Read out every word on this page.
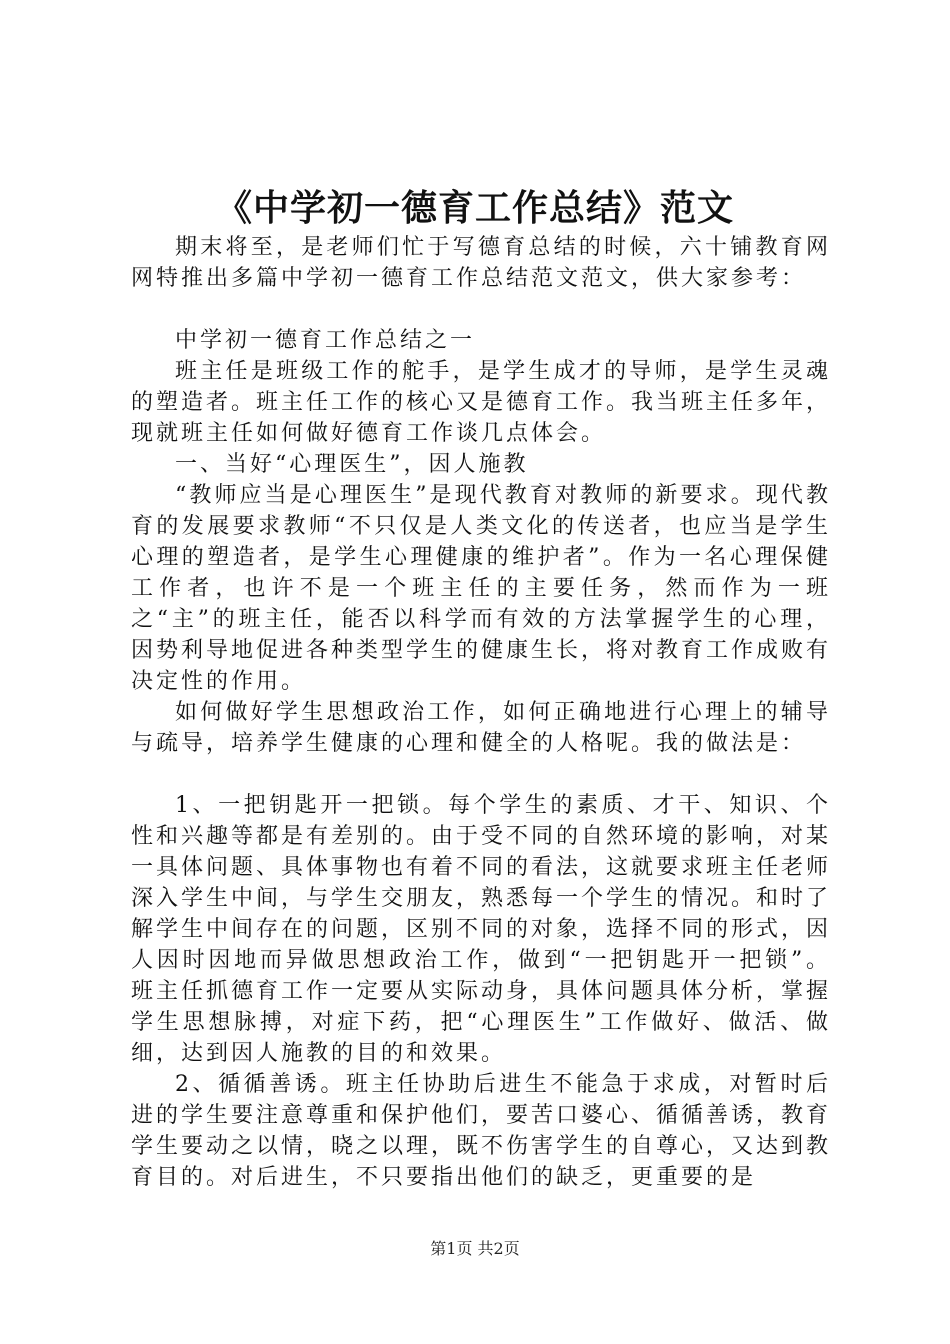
《中学初一德育工作总结》范文

期末将至，是老师们忙于写德育总结的时候，六十铺教育网网特推出多篇中学初一德育工作总结范文范文，供大家参考：

中学初一德育工作总结之一

班主任是班级工作的舵手，是学生成才的导师，是学生灵魂的塑造者。班主任工作的核心又是德育工作。我当班主任多年，现就班主任如何做好德育工作谈几点体会。

一、当好“心理医生”，因人施教

“教师应当是心理医生”是现代教育对教师的新要求。现代教育的发展要求教师“不只仅是人类文化的传送者，也应当是学生心理的塑造者，是学生心理健康的维护者”。作为一名心理保健工作者，也许不是一个班主任的主要任务，然而作为一班之“主”的班主任，能否以科学而有效的方法掌握学生的心理，因势利导地促进各种类型学生的健康生长，将对教育工作成败有决定性的作用。

如何做好学生思想政治工作，如何正确地进行心理上的辅导与疏导，培养学生健康的心理和健全的人格呢。我的做法是：

1、一把钥匙开一把锁。每个学生的素质、才干、知识、个性和兴趣等都是有差别的。由于受不同的自然环境的影响，对某一具体问题、具体事物也有着不同的看法，这就要求班主任老师深入学生中间，与学生交朋友，熟悉每一个学生的情况。和时了解学生中间存在的问题，区别不同的对象，选择不同的形式，因人因时因地而异做思想政治工作，做到“一把钥匙开一把锁”。班主任抓德育工作一定要从实际动身，具体问题具体分析，掌握学生思想脉搏，对症下药，把“心理医生”工作做好、做活、做细，达到因人施教的目的和效果。

2、循循善诱。班主任协助后进生不能急于求成，对暂时后进的学生要注意尊重和保护他们，要苦口婆心、循循善诱，教育学生要动之以情，晓之以理，既不伤害学生的自尊心，又达到教育目的。对后进生，不只要指出他们的缺乏，更重要的是

第1页 共2页
